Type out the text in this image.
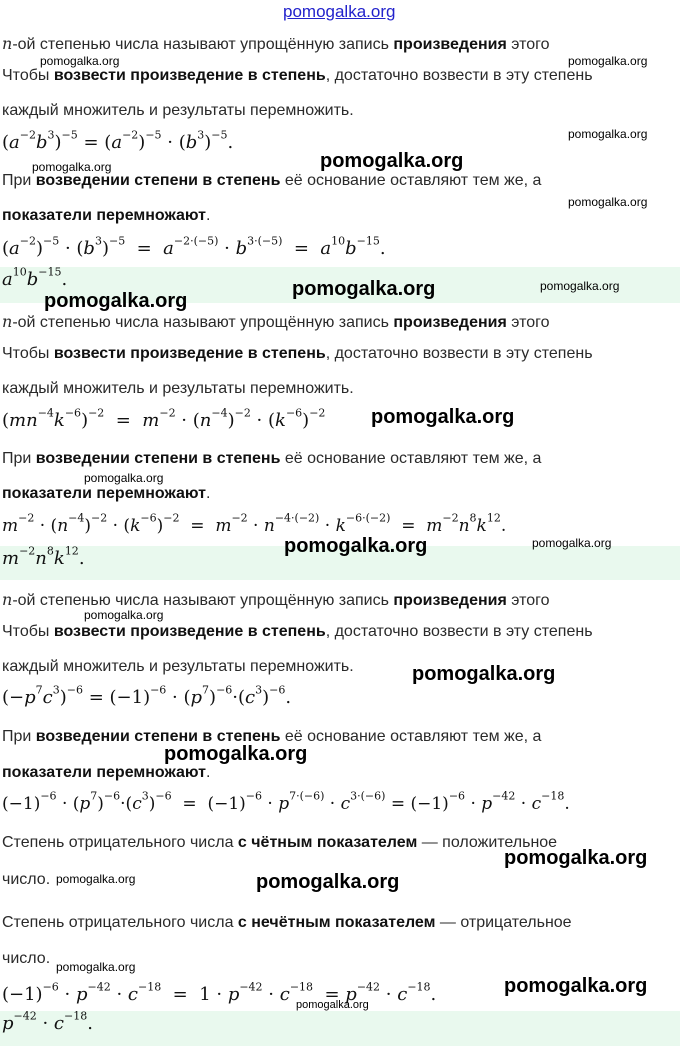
pomogalka.org
n-ой степенью числа называют упрощённую запись произведения этого
Чтобы возвести произведение в степень, достаточно возвести в эту степень
каждый множитель и результаты перемножить.
$(a^{-2}b^3)^{-5} = (a^{-2})^{-5} \cdot (b^3)^{-5}$.
При возведении степени в степень её основание оставляют тем же, а
показатели перемножают.
$(a^{-2})^{-5} \cdot (b^3)^{-5} = a^{-2\cdot(-5)} \cdot b^{3\cdot(-5)} = a^{10}b^{-15}$.
$a^{10}b^{-15}$.
n-ой степенью числа называют упрощённую запись произведения этого
Чтобы возвести произведение в степень, достаточно возвести в эту степень
каждый множитель и результаты перемножить.
$(mn^{-4}k^{-6})^{-2} = m^{-2} \cdot (n^{-4})^{-2} \cdot (k^{-6})^{-2}$
При возведении степени в степень её основание оставляют тем же, а
показатели перемножают.
$m^{-2} \cdot (n^{-4})^{-2} \cdot (k^{-6})^{-2} = m^{-2} \cdot n^{-4\cdot(-2)} \cdot k^{-6\cdot(-2)} = m^{-2}n^8k^{12}$.
$m^{-2}n^8k^{12}$.
n-ой степенью числа называют упрощённую запись произведения этого
Чтобы возвести произведение в степень, достаточно возвести в эту степень
каждый множитель и результаты перемножить.
$(-p^7c^3)^{-6} = (-1)^{-6} \cdot (p^7)^{-6}\cdot(c^3)^{-6}$.
При возведении степени в степень её основание оставляют тем же, а
показатели перемножают.
$(-1)^{-6} \cdot (p^7)^{-6}\cdot(c^3)^{-6} = (-1)^{-6} \cdot p^{7\cdot(-6)} \cdot c^{3\cdot(-6)} = (-1)^{-6} \cdot p^{-42} \cdot c^{-18}$.
Степень отрицательного числа с чётным показателем — положительное
число.
Степень отрицательного числа с нечётным показателем — отрицательное
число.
$(-1)^{-6} \cdot p^{-42} \cdot c^{-18} = 1 \cdot p^{-42} \cdot c^{-18} = p^{-42} \cdot c^{-18}$.
$p^{-42} \cdot c^{-18}$.
pomogalka.org	pomogalka.org
pomogalka.org
pomogalka.org	pomogalka.org
pomogalka.org
pomogalka.org
pomogalka.org	pomogalka.org
pomogalka.org
pomogalka.org
pomogalka.org	pomogalka.org
pomogalka.org
pomogalka.org
pomogalka.org
pomogalka.org
pomogalka.org	pomogalka.org
pomogalka.org
pomogalka.org
pomogalka.org
